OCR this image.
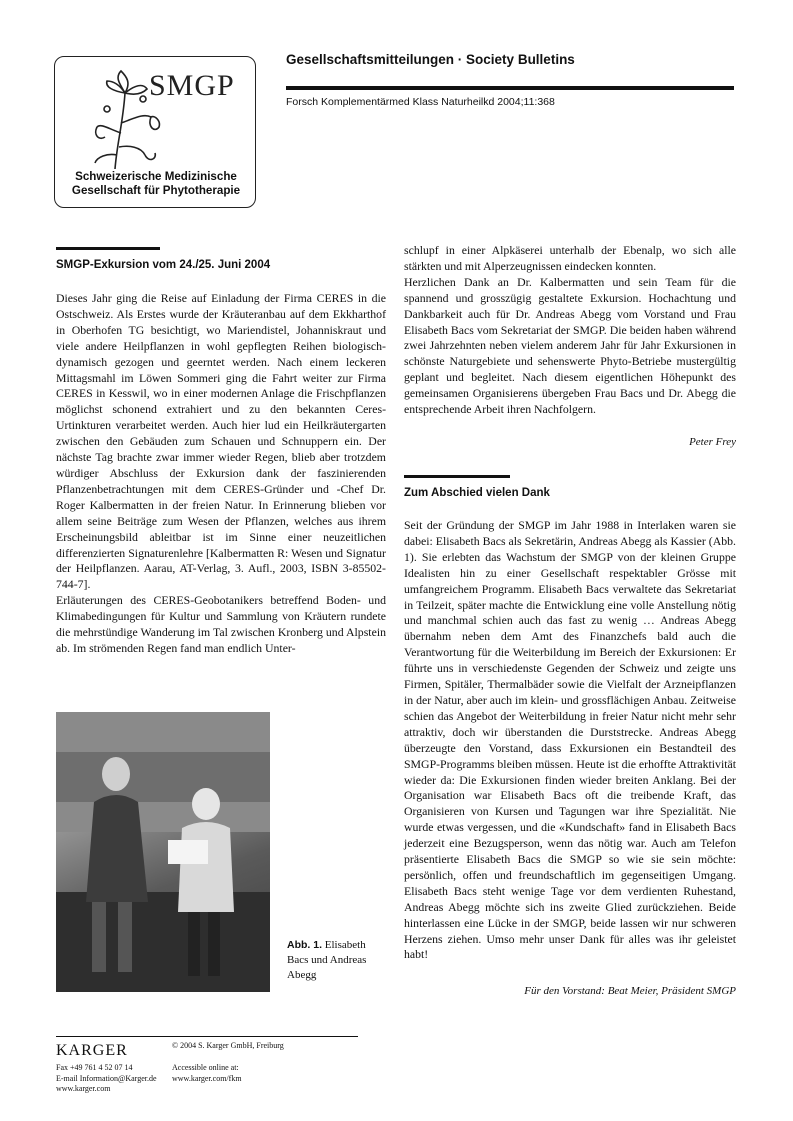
SMGP
Schweizerische Medizinische
Gesellschaft für Phytotherapie
Gesellschaftsmitteilungen · Society Bulletins
Forsch Komplementärmed Klass Naturheilkd 2004;11:368
SMGP-Exkursion vom 24./25. Juni 2004

Dieses Jahr ging die Reise auf Einladung der Firma CERES in die Ostschweiz. Als Erstes wurde der Kräuteranbau auf dem Ekkharthof in Oberhofen TG besichtigt, wo Mariendistel, Johanniskraut und viele andere Heilpflanzen in wohl gepflegten Reihen biologisch-dynamisch gezogen und geerntet werden. Nach einem leckeren Mittagsmahl im Löwen Sommeri ging die Fahrt weiter zur Firma CERES in Kesswil, wo in einer modernen Anlage die Frischpflanzen möglichst schonend extrahiert und zu den bekannten Ceres-Urtinkturen verarbeitet werden. Auch hier lud ein Heilkräutergarten zwischen den Gebäuden zum Schauen und Schnuppern ein. Der nächste Tag brachte zwar immer wieder Regen, blieb aber trotzdem würdiger Abschluss der Exkursion dank der faszinierenden Pflanzenbetrachtungen mit dem CERES-Gründer und -Chef Dr. Roger Kalbermatten in der freien Natur. In Erinnerung blieben vor allem seine Beiträge zum Wesen der Pflanzen, welches aus ihrem Erscheinungsbild ableitbar ist im Sinne einer neuzeitlichen differenzierten Signaturenlehre [Kalbermatten R: Wesen und Signatur der Heilpflanzen. Aarau, AT-Verlag, 3. Aufl., 2003, ISBN 3-85502-744-7].

Erläuterungen des CERES-Geobotanikers betreffend Boden- und Klimabedingungen für Kultur und Sammlung von Kräutern rundete die mehrstündige Wanderung im Tal zwischen Kronberg und Alpstein ab. Im strömenden Regen fand man endlich Unter-

schlupf in einer Alpkäserei unterhalb der Ebenalp, wo sich alle stärkten und mit Alperzeugnissen eindecken konnten.

Herzlichen Dank an Dr. Kalbermatten und sein Team für die spannend und grosszügig gestaltete Exkursion. Hochachtung und Dankbarkeit auch für Dr. Andreas Abegg vom Vorstand und Frau Elisabeth Bacs vom Sekretariat der SMGP. Die beiden haben während zwei Jahrzehnten neben vielem anderem Jahr für Jahr Exkursionen in schönste Naturgebiete und sehenswerte Phyto-Betriebe mustergültig geplant und begleitet. Nach diesem eigentlichen Höhepunkt des gemeinsamen Organisierens übergeben Frau Bacs und Dr. Abegg die entsprechende Arbeit ihren Nachfolgern.

Peter Frey
Abb. 1. Elisabeth Bacs und Andreas Abegg
Zum Abschied vielen Dank

Seit der Gründung der SMGP im Jahr 1988 in Interlaken waren sie dabei: Elisabeth Bacs als Sekretärin, Andreas Abegg als Kassier (Abb. 1). Sie erlebten das Wachstum der SMGP von der kleinen Gruppe Idealisten hin zu einer Gesellschaft respektabler Grösse mit umfangreichem Programm. Elisabeth Bacs verwaltete das Sekretariat in Teilzeit, später machte die Entwicklung eine volle Anstellung nötig und manchmal schien auch das fast zu wenig … Andreas Abegg übernahm neben dem Amt des Finanzchefs bald auch die Verantwortung für die Weiterbildung im Bereich der Exkursionen: Er führte uns in verschiedenste Gegenden der Schweiz und zeigte uns Firmen, Spitäler, Thermalbäder sowie die Vielfalt der Arzneipflanzen in der Natur, aber auch im klein- und grossflächigen Anbau. Zeitweise schien das Angebot der Weiterbildung in freier Natur nicht mehr sehr attraktiv, doch wir überstanden die Durststrecke. Andreas Abegg überzeugte den Vorstand, dass Exkursionen ein Bestandteil des SMGP-Programms bleiben müssen. Heute ist die erhoffte Attraktivität wieder da: Die Exkursionen finden wieder breiten Anklang. Bei der Organisation war Elisabeth Bacs oft die treibende Kraft, das Organisieren von Kursen und Tagungen war ihre Spezialität. Nie wurde etwas vergessen, und die «Kundschaft» fand in Elisabeth Bacs jederzeit eine Bezugsperson, wenn das nötig war. Auch am Telefon präsentierte Elisabeth Bacs die SMGP so wie sie sein möchte: persönlich, offen und freundschaftlich im gegenseitigen Umgang. Elisabeth Bacs steht wenige Tage vor dem verdienten Ruhestand, Andreas Abegg möchte sich ins zweite Glied zurückziehen. Beide hinterlassen eine Lücke in der SMGP, beide lassen wir nur schweren Herzens ziehen. Umso mehr unser Dank für alles was ihr geleistet habt!

Für den Vorstand: Beat Meier, Präsident SMGP
KARGER	© 2004 S. Karger GmbH, Freiburg
Fax +49 761 4 52 07 14
E-mail Information@Karger.de
www.karger.com
Accessible online at:
www.karger.com/fkm
